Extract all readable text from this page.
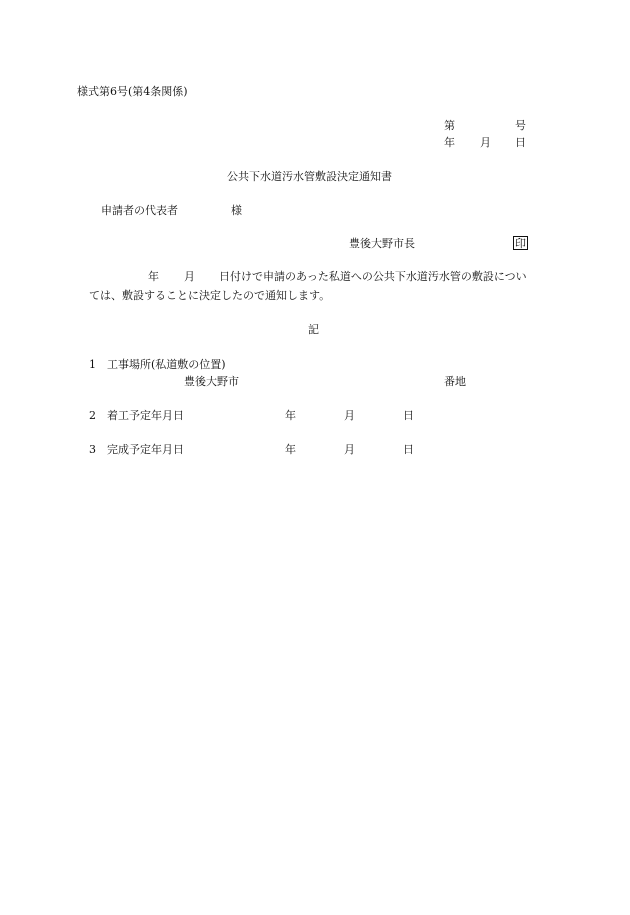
様式第6号(第4条関係)
第	号
年 月 日
公共下水道汚水管敷設決定通知書
申請者の代表者	様
豊後大野市長	印
年 月 日付けで申請のあった私道への公共下水道汚水管の敷設につい
ては、敷設することに決定したので通知します。
記
1 工事場所(私道敷の位置)
豊後大野市	番地
2 着工予定年月日	年	月	日
3 完成予定年月日	年	月	日
